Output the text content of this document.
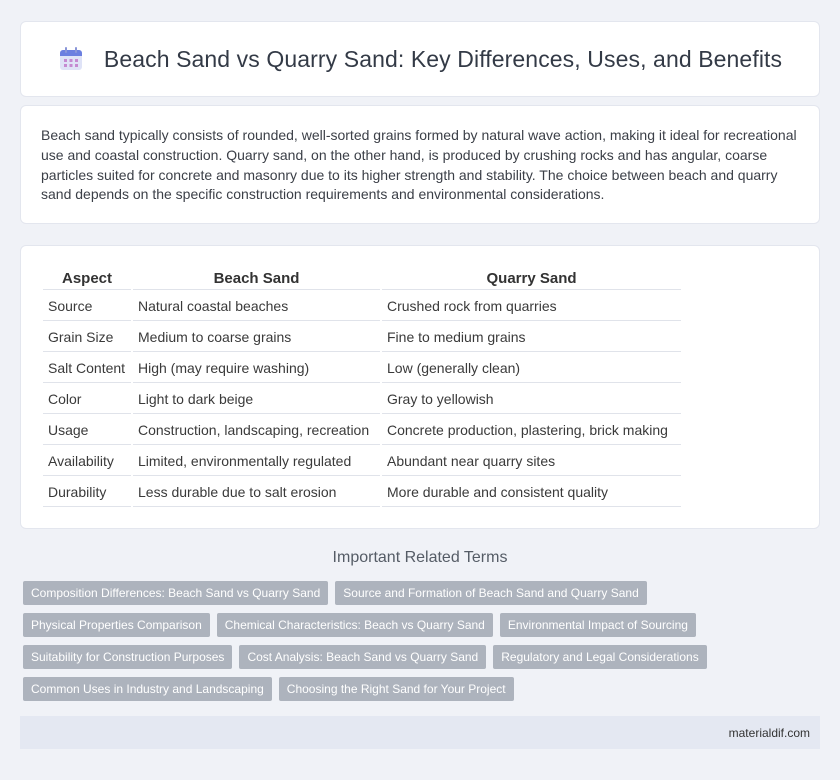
Beach Sand vs Quarry Sand: Key Differences, Uses, and Benefits

Beach sand typically consists of rounded, well-sorted grains formed by natural wave action, making it ideal for recreational use and coastal construction. Quarry sand, on the other hand, is produced by crushing rocks and has angular, coarse particles suited for concrete and masonry due to its higher strength and stability. The choice between beach and quarry sand depends on the specific construction requirements and environmental considerations.

Aspect	Beach Sand	Quarry Sand
Source	Natural coastal beaches	Crushed rock from quarries
Grain Size	Medium to coarse grains	Fine to medium grains
Salt Content	High (may require washing)	Low (generally clean)
Color	Light to dark beige	Gray to yellowish
Usage	Construction, landscaping, recreation	Concrete production, plastering, brick making
Availability	Limited, environmentally regulated	Abundant near quarry sites
Durability	Less durable due to salt erosion	More durable and consistent quality
Important Related Terms
Composition Differences: Beach Sand vs Quarry Sand	Source and Formation of Beach Sand and Quarry Sand
Physical Properties Comparison	Chemical Characteristics: Beach vs Quarry Sand	Environmental Impact of Sourcing
Suitability for Construction Purposes	Cost Analysis: Beach Sand vs Quarry Sand	Regulatory and Legal Considerations
Common Uses in Industry and Landscaping	Choosing the Right Sand for Your Project
materialdif.com
